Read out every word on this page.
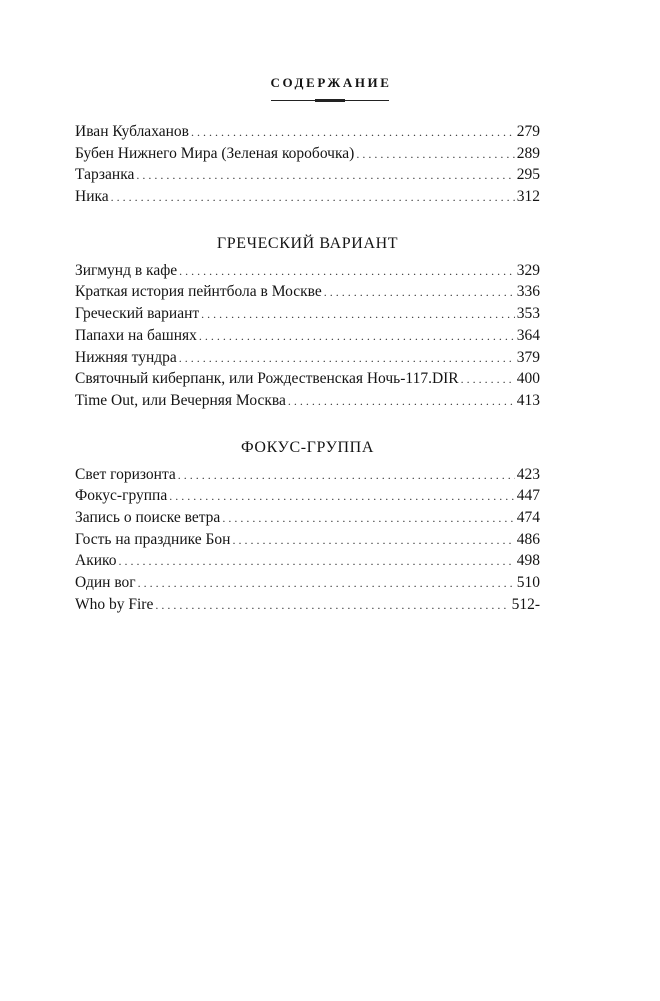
СОДЕРЖАНИЕ
Иван Кублаханов . . .	279
Бубен Нижнего Мира (Зеленая коробочка) . . .	289
Тарзанка . . .	295
Ника . . .	312
ГРЕЧЕСКИЙ ВАРИАНТ
Зигмунд в кафе . . .	329
Краткая история пейнтбола в Москве . . .	336
Греческий вариант . . .	353
Папахи на башнях . . .	364
Нижняя тундра . . .	379
Святочный киберпанк, или Рождественская Ночь-117.DIR . . .	400
Time Out, или Вечерняя Москва . . .	413
ФОКУС-ГРУППА
Свет горизонта . . .	423
Фокус-группа . . .	447
Запись о поиске ветра . . .	474
Гость на празднике Бон . . .	486
Акико . . .	498
Один вог . . .	510
Who by Fire . . .	512-
